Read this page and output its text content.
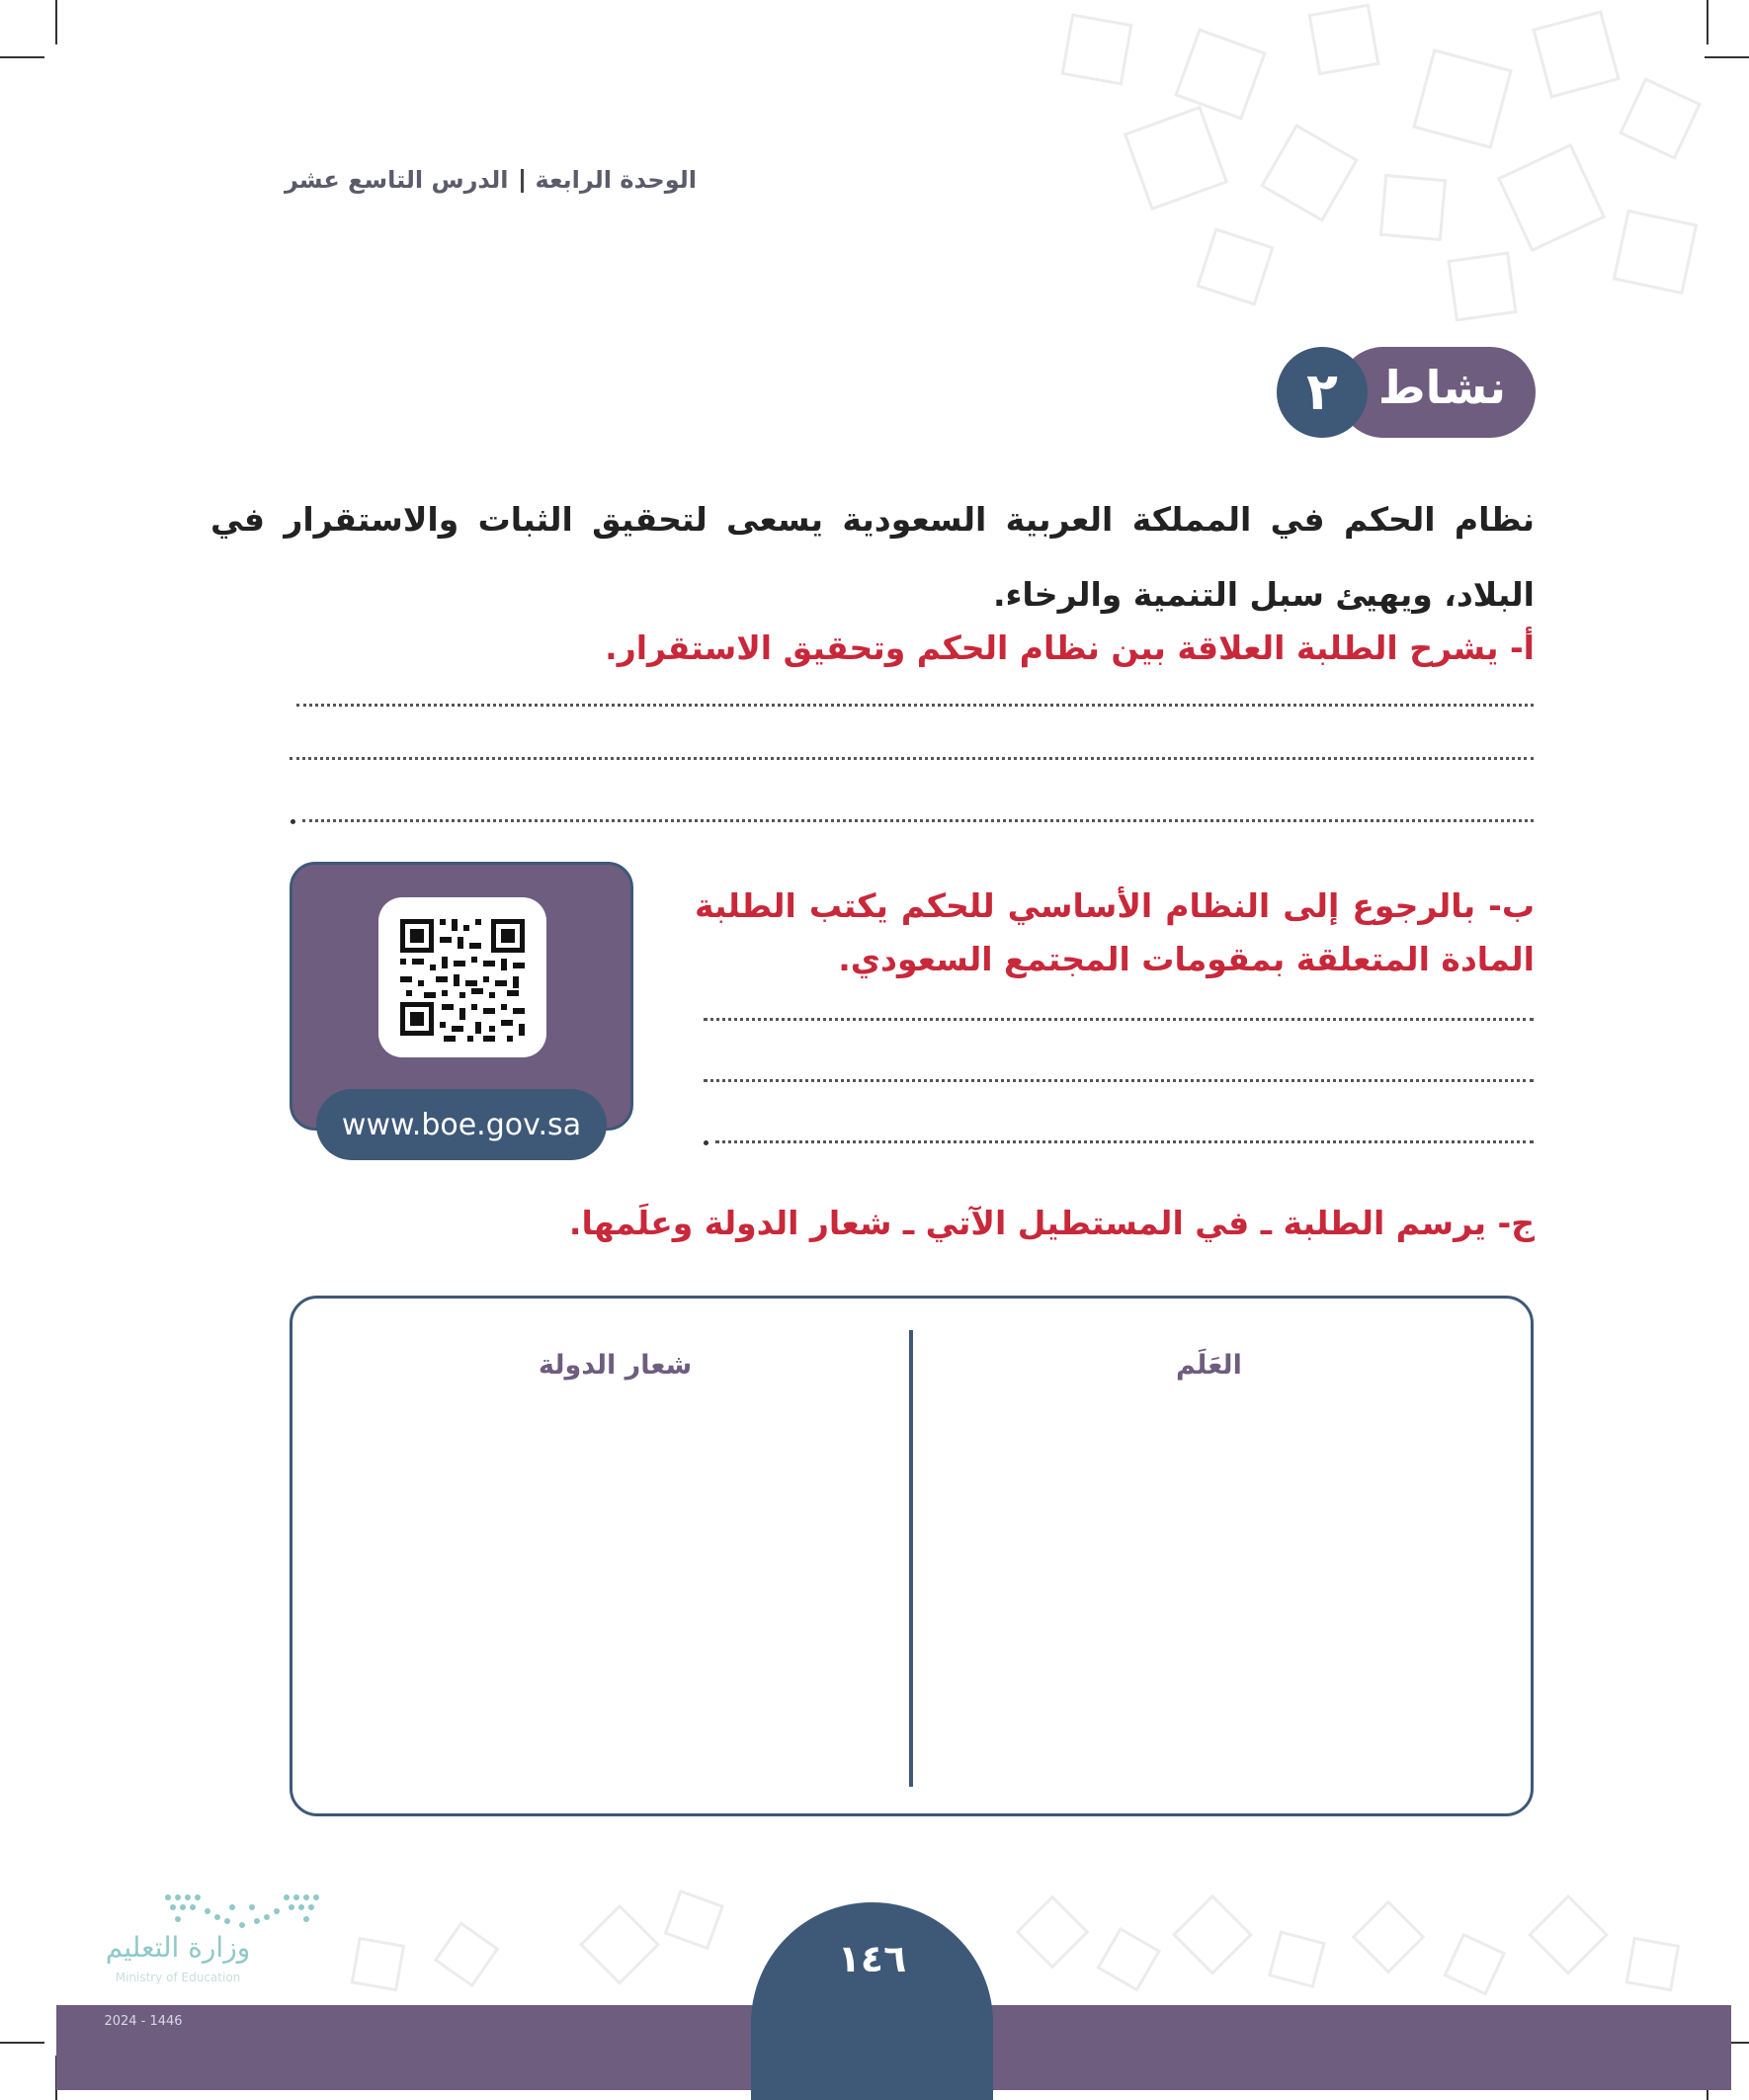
الوحدة الرابعةالدرس التاسع عشر
نشاط
٢
نظام الحكم في المملكة العربية السعودية يسعى لتحقيق الثبات والاستقرار في البلاد، ويهيئ سبل التنمية والرخاء.
أ- يشرح الطلبة العلاقة بين نظام الحكم وتحقيق الاستقرار.
ب- بالرجوع إلى النظام الأساسي للحكم يكتب الطلبة المادة المتعلقة بمقومات المجتمع السعودي.
www.boe.gov.sa
ج- يرسم الطلبة ـ في المستطيل الآتي ـ شعار الدولة وعلَمها.
العَلَم
شعار الدولة
١٤٦
وزارة التعليم
Ministry of Education
2024 - 1446
